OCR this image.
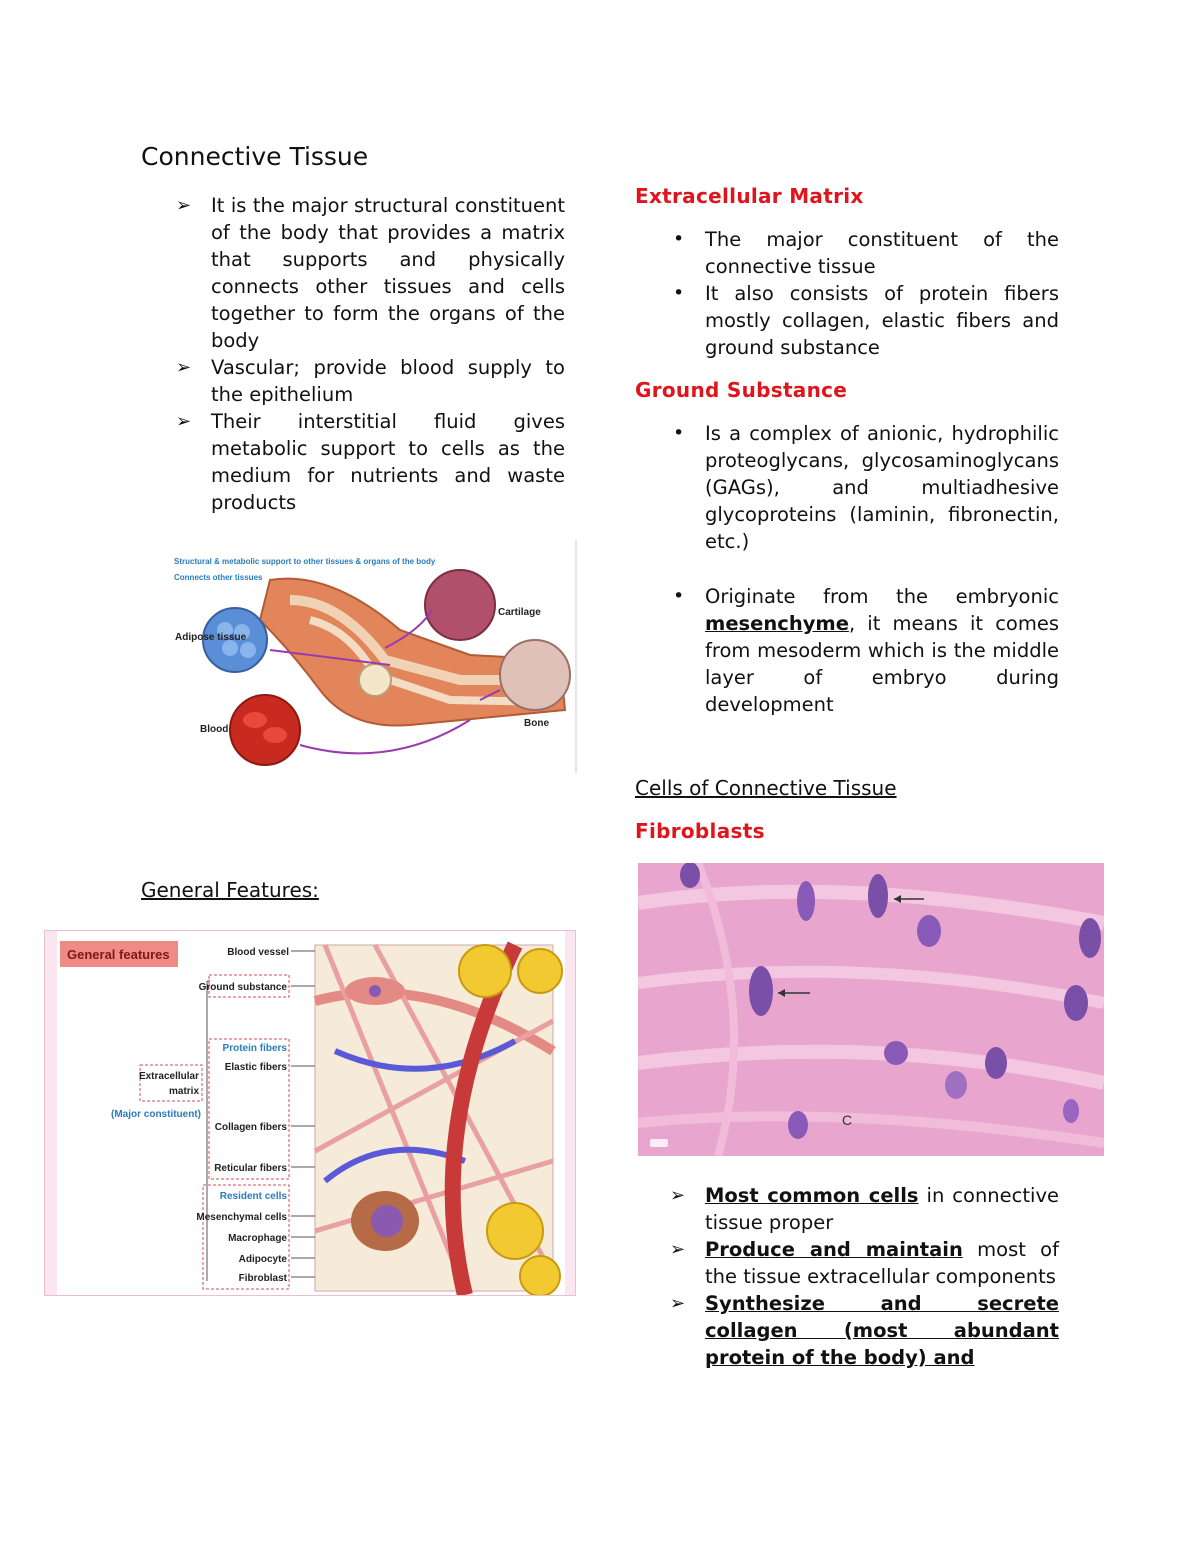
Connective Tissue
➢ It is the major structural constituent of the body that provides a matrix that supports and physically connects other tissues and cells together to form the organs of the body
➢ Vascular; provide blood supply to the epithelium
➢ Their interstitial fluid gives metabolic support to cells as the medium for nutrients and waste products
Structural & metabolic support to other tissues & organs of the body
Connects other tissues
Adipose tissue
Cartilage
Bone
Blood
General Features:
General features	Blood vessel
Ground substance
Protein fibers
Elastic fibers
Collagen fibers
Reticular fibers
Resident cells
Mesenchymal cells
Macrophage
Adipocyte
Fibroblast
Extracellular
matrix
(Major constituent)
Extracellular Matrix
• The major constituent of the connective tissue
• It also consists of protein fibers mostly collagen, elastic fibers and ground substance
Ground Substance
• Is a complex of anionic, hydrophilic proteoglycans, glycosaminoglycans (GAGs), and multiadhesive glycoproteins (laminin, fibronectin, etc.)
• Originate from the embryonic mesenchyme, it means it comes from mesoderm which is the middle layer of embryo during development
Cells of Connective Tissue
Fibroblasts
C
➢ Most common cells in connective tissue proper
➢ Produce and maintain most of the tissue extracellular components
➢ Synthesize and secrete collagen (most abundant protein of the body) and
